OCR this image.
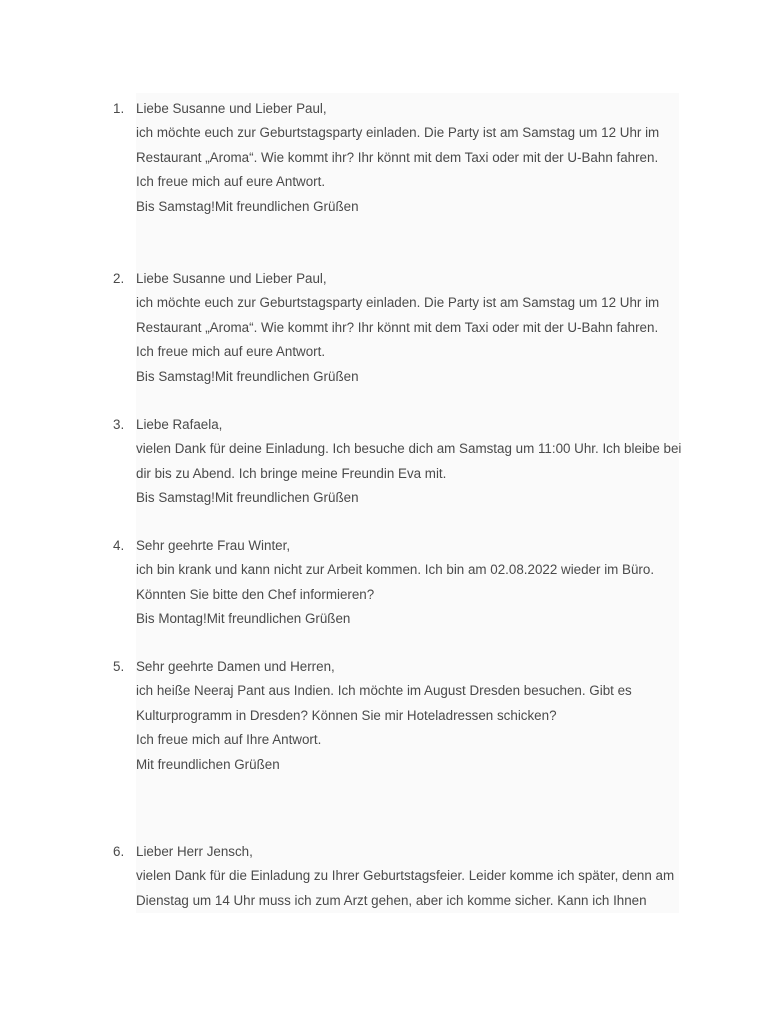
1. Liebe Susanne und Lieber Paul,
ich möchte euch zur Geburtstagsparty einladen. Die Party ist am Samstag um 12 Uhr im
Restaurant „Aroma“. Wie kommt ihr? Ihr könnt mit dem Taxi oder mit der U-Bahn fahren.
Ich freue mich auf eure Antwort.
Bis Samstag!Mit freundlichen Grüßen
2. Liebe Susanne und Lieber Paul,
ich möchte euch zur Geburtstagsparty einladen. Die Party ist am Samstag um 12 Uhr im
Restaurant „Aroma“. Wie kommt ihr? Ihr könnt mit dem Taxi oder mit der U-Bahn fahren.
Ich freue mich auf eure Antwort.
Bis Samstag!Mit freundlichen Grüßen
3. Liebe Rafaela,
vielen Dank für deine Einladung. Ich besuche dich am Samstag um 11:00 Uhr. Ich bleibe bei
dir bis zu Abend. Ich bringe meine Freundin Eva mit.
Bis Samstag!Mit freundlichen Grüßen
4. Sehr geehrte Frau Winter,
ich bin krank und kann nicht zur Arbeit kommen. Ich bin am 02.08.2022 wieder im Büro.
Könnten Sie bitte den Chef informieren?
Bis Montag!Mit freundlichen Grüßen
5. Sehr geehrte Damen und Herren,
ich heiße Neeraj Pant aus Indien. Ich möchte im August Dresden besuchen. Gibt es
Kulturprogramm in Dresden? Können Sie mir Hoteladressen schicken?
Ich freue mich auf Ihre Antwort.
Mit freundlichen Grüßen
6. Lieber Herr Jensch,
vielen Dank für die Einladung zu Ihrer Geburtstagsfeier. Leider komme ich später, denn am
Dienstag um 14 Uhr muss ich zum Arzt gehen, aber ich komme sicher. Kann ich Ihnen
